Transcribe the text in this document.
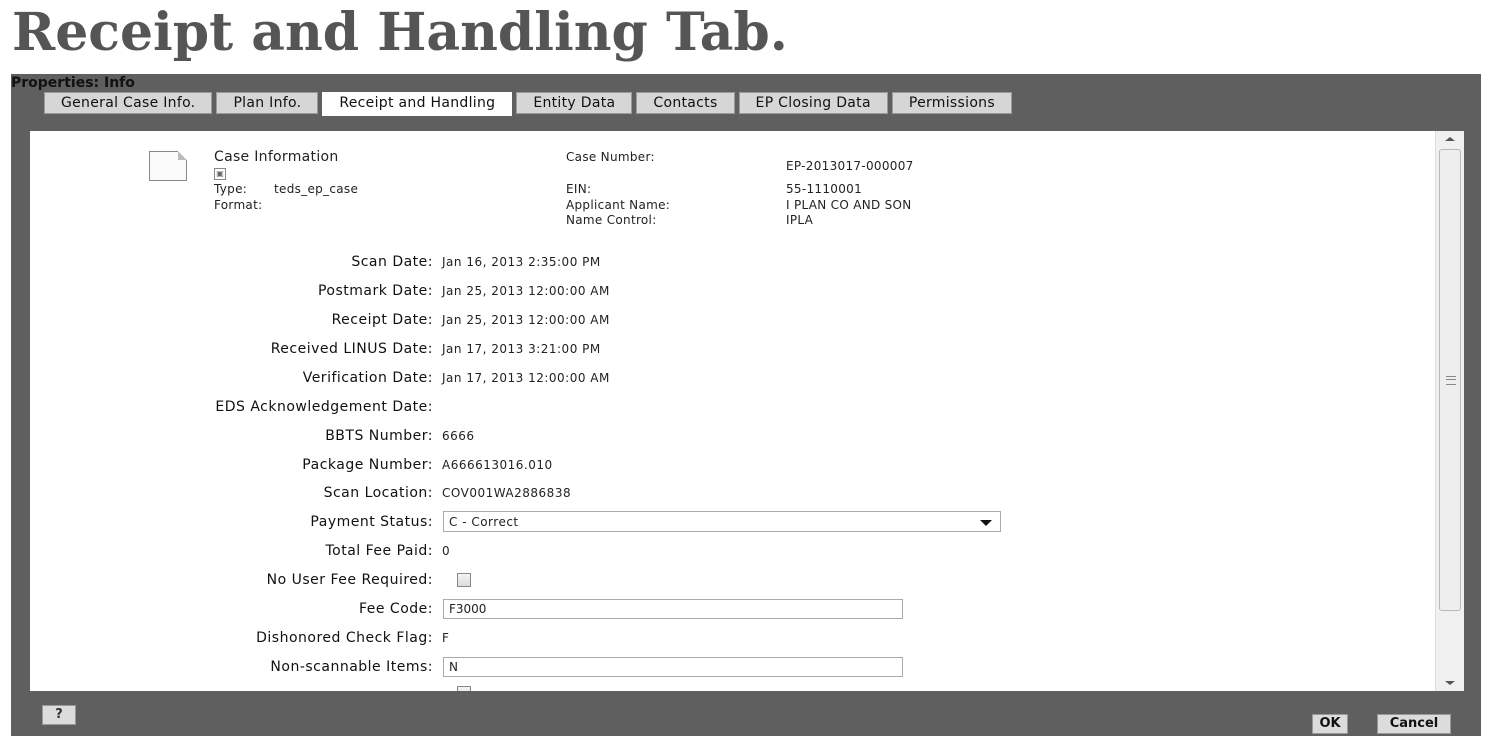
Receipt and Handling Tab.
Properties: Info
General Case Info.	Plan Info.	Receipt and Handling	Entity Data	Contacts	EP Closing Data	Permissions
Case Information
▣
Type: teds_ep_case
Format:
Case Number:
EP-2013017-000007
EIN:	55-1110001
Applicant Name:	I PLAN CO AND SON
Name Control:	IPLA
Scan Date: Jan 16, 2013 2:35:00 PM
Postmark Date: Jan 25, 2013 12:00:00 AM
Receipt Date: Jan 25, 2013 12:00:00 AM
Received LINUS Date: Jan 17, 2013 3:21:00 PM
Verification Date: Jan 17, 2013 12:00:00 AM
EDS Acknowledgement Date:
BBTS Number: 6666
Package Number: A666613016.010
Scan Location: COV001WA2886838
Payment Status:	C - Correct
Total Fee Paid: 0
No User Fee Required:
Fee Code:	F3000
Dishonored Check Flag: F
Non-scannable Items:	N
?
OK	Cancel
